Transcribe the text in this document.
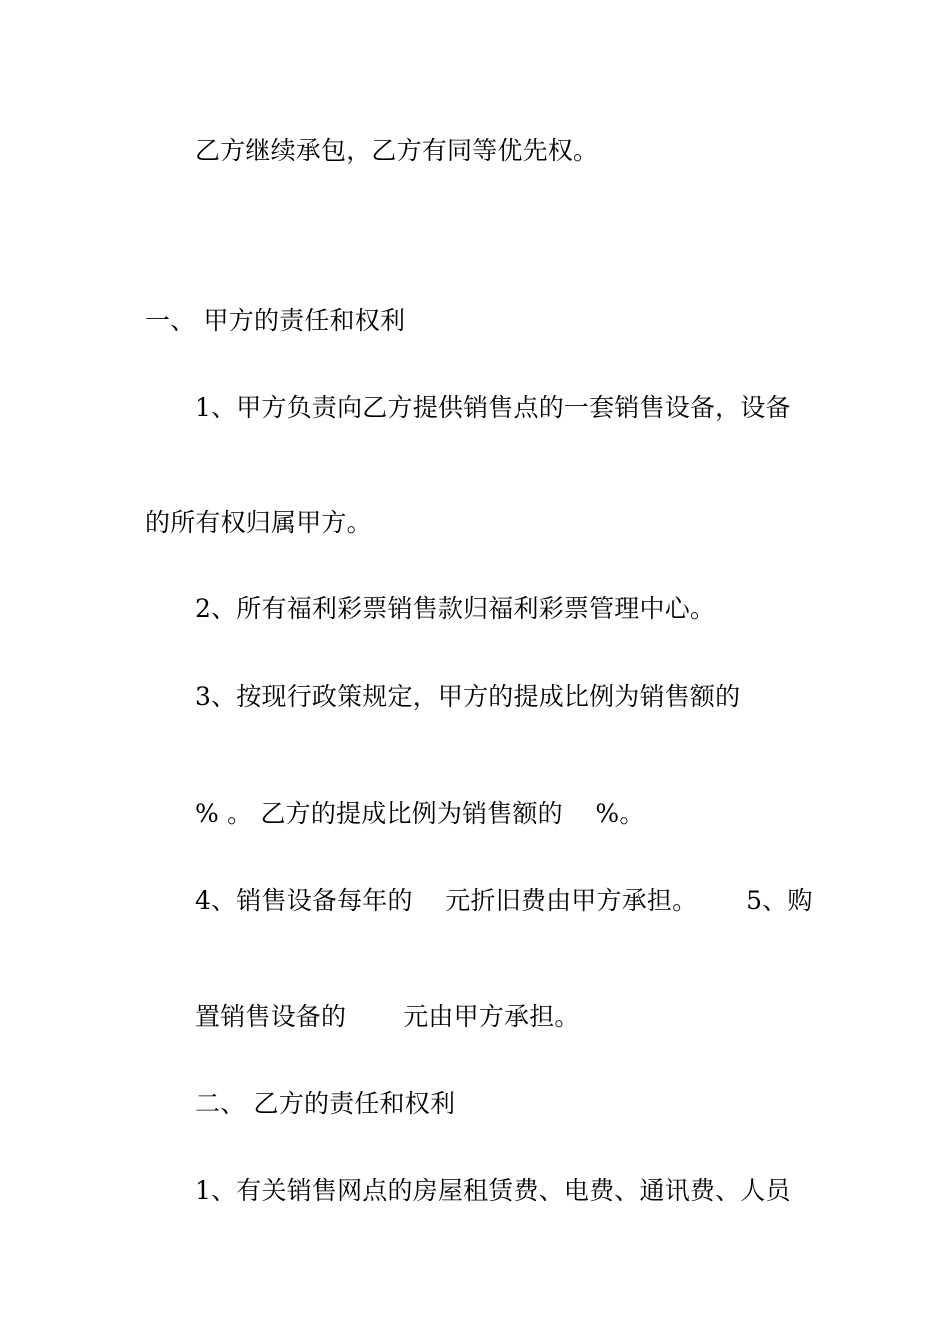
乙方继续承包，乙方有同等优先权。
一、 甲方的责任和权利
1、甲方负责向乙方提供销售点的一套销售设备，设备
的所有权归属甲方。
2、所有福利彩票销售款归福利彩票管理中心。
3、按现行政策规定，甲方的提成比例为销售额的
% 。 乙方的提成比例为销售额的    %。
4、销售设备每年的    元折旧费由甲方承担。      5、购
置销售设备的       元由甲方承担。
二、 乙方的责任和权利
1、有关销售网点的房屋租赁费、电费、通讯费、人员
